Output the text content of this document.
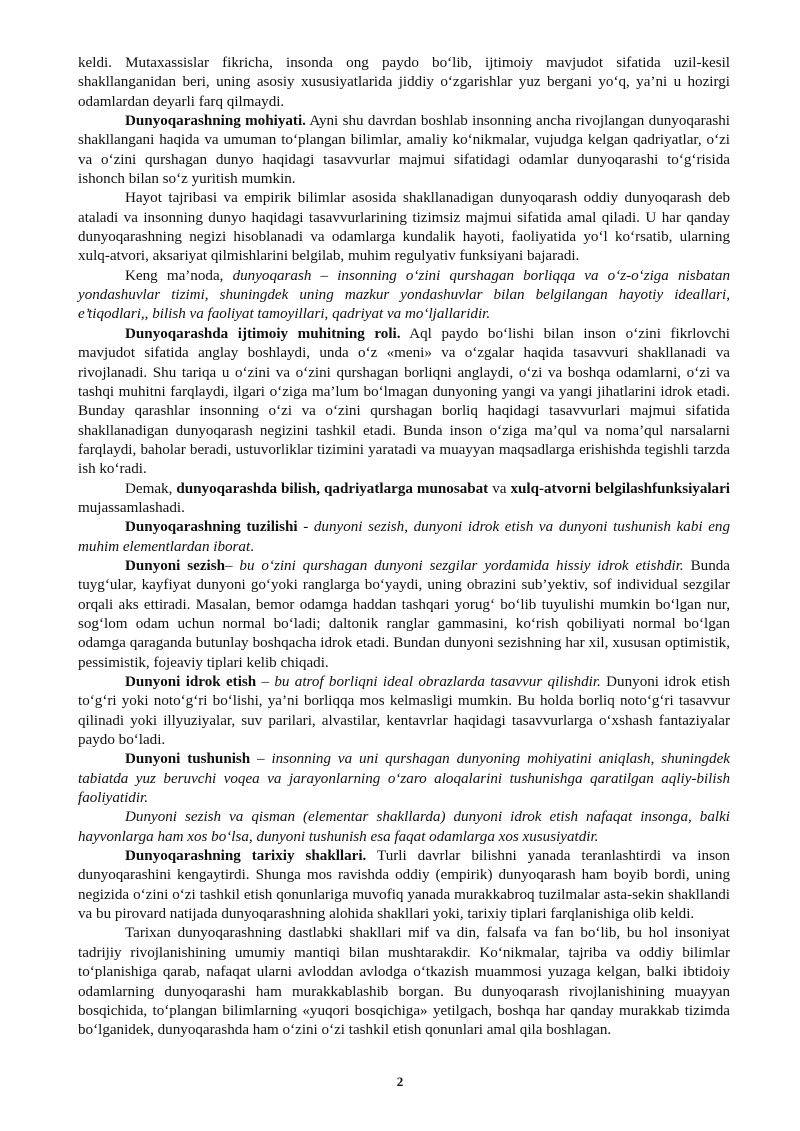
keldi. Mutaxassislar fikricha, insonda ong paydo bo‘lib, ijtimoiy mavjudot sifatida uzil-kesil shakllanganidan beri, uning asosiy xususiyatlarida jiddiy o‘zgarishlar yuz bergani yo‘q, ya’ni u hozirgi odamlardan deyarli farq qilmaydi.

Dunyoqarashning mohiyati. Ayni shu davrdan boshlab insonning ancha rivojlangan dunyoqarashi shakllangani haqida va umuman to‘plangan bilimlar, amaliy ko‘nikmalar, vujudga kelgan qadriyatlar, o‘zi va o‘zini qurshagan dunyo haqidagi tasavvurlar majmui sifatidagi odamlar dunyoqarashi to‘g‘risida ishonch bilan so‘z yuritish mumkin.

Hayot tajribasi va empirik bilimlar asosida shakllanadigan dunyoqarash oddiy dunyoqarash deb ataladi va insonning dunyo haqidagi tasavvurlarining tizimsiz majmui sifatida amal qiladi. U har qanday dunyoqarashning negizi hisoblanadi va odamlarga kundalik hayoti, faoliyatida yo‘l ko‘rsatib, ularning xulq-atvori, aksariyat qilmishlarini belgilab, muhim regulyativ funksiyani bajaradi.

Keng ma’noda, dunyoqarash – insonning o‘zini qurshagan borliqqa va o‘z-o‘ziga nisbatan yondashuvlar tizimi, shuningdek uning mazkur yondashuvlar bilan belgilangan hayotiy ideallari, e’tiqodlari,, bilish va faoliyat tamoyillari, qadriyat va mo‘ljallaridir.

Dunyoqarashda ijtimoiy muhitning roli. Aql paydo bo‘lishi bilan inson o‘zini fikrlovchi mavjudot sifatida anglay boshlaydi, unda o‘z «meni» va o‘zgalar haqida tasavvuri shakllanadi va rivojlanadi. Shu tariqa u o‘zini va o‘zini qurshagan borliqni anglaydi, o‘zi va boshqa odamlarni, o‘zi va tashqi muhitni farqlaydi, ilgari o‘ziga ma’lum bo‘lmagan dunyoning yangi va yangi jihatlarini idrok etadi. Bunday qarashlar insonning o‘zi va o‘zini qurshagan borliq haqidagi tasavvurlari majmui sifatida shakllanadigan dunyoqarash negizini tashkil etadi. Bunda inson o‘ziga ma’qul va noma’qul narsalarni farqlaydi, baholar beradi, ustuvorliklar tizimini yaratadi va muayyan maqsadlarga erishishda tegishli tarzda ish ko‘radi.

Demak, dunyoqarashda bilish, qadriyatlarga munosabat va xulq-atvorni belgilashfunksiyalari mujassamlashadi.

Dunyoqarashning tuzilishi - dunyoni sezish, dunyoni idrok etish va dunyoni tushunish kabi eng muhim elementlardan iborat.

Dunyoni sezish– bu o‘zini qurshagan dunyoni sezgilar yordamida hissiy idrok etishdir. Bunda tuyg‘ular, kayfiyat dunyoni go‘yoki ranglarga bo‘yaydi, uning obrazini sub’yektiv, sof individual sezgilar orqali aks ettiradi. Masalan, bemor odamga haddan tashqari yorug‘ bo‘lib tuyulishi mumkin bo‘lgan nur, sog‘lom odam uchun normal bo‘ladi; daltonik ranglar gammasini, ko‘rish qobiliyati normal bo‘lgan odamga qaraganda butunlay boshqacha idrok etadi. Bundan dunyoni sezishning har xil, xususan optimistik, pessimistik, fojeaviy tiplari kelib chiqadi.

Dunyoni idrok etish – bu atrof borliqni ideal obrazlarda tasavvur qilishdir. Dunyoni idrok etish to‘g‘ri yoki noto‘g‘ri bo‘lishi, ya’ni borliqqa mos kelmasligi mumkin. Bu holda borliq noto‘g‘ri tasavvur qilinadi yoki illyuziyalar, suv parilari, alvastilar, kentavrlar haqidagi tasavvurlarga o‘xshash fantaziyalar paydo bo‘ladi.

Dunyoni tushunish – insonning va uni qurshagan dunyoning mohiyatini aniqlash, shuningdek tabiatda yuz beruvchi voqea va jarayonlarning o‘zaro aloqalarini tushunishga qaratilgan aqliy-bilish faoliyatidir.

Dunyoni sezish va qisman (elementar shakllarda) dunyoni idrok etish nafaqat insonga, balki hayvonlarga ham xos bo‘lsa, dunyoni tushunish esa faqat odamlarga xos xususiyatdir.

Dunyoqarashning tarixiy shakllari. Turli davrlar bilishni yanada teranlashtirdi va inson dunyoqarashini kengaytirdi. Shunga mos ravishda oddiy (empirik) dunyoqarash ham boyib bordi, uning negizida o‘zini o‘zi tashkil etish qonunlariga muvofiq yanada murakkabroq tuzilmalar asta-sekin shakllandi va bu pirovard natijada dunyoqarashning alohida shakllari yoki, tarixiy tiplari farqlanishiga olib keldi.

Tarixan dunyoqarashning dastlabki shakllari mif va din, falsafa va fan bo‘lib, bu hol insoniyat tadrijiy rivojlanishining umumiy mantiqi bilan mushtarakdir. Ko‘nikmalar, tajriba va oddiy bilimlar to‘planishiga qarab, nafaqat ularni avloddan avlodga o‘tkazish muammosi yuzaga kelgan, balki ibtidoiy odamlarning dunyoqarashi ham murakkablashib borgan. Bu dunyoqarash rivojlanishining muayyan bosqichida, to‘plangan bilimlarning «yuqori bosqichiga» yetilgach, boshqa har qanday murakkab tizimda bo‘lganidek, dunyoqarashda ham o‘zini o‘zi tashkil etish qonunlari amal qila boshlagan.

2
